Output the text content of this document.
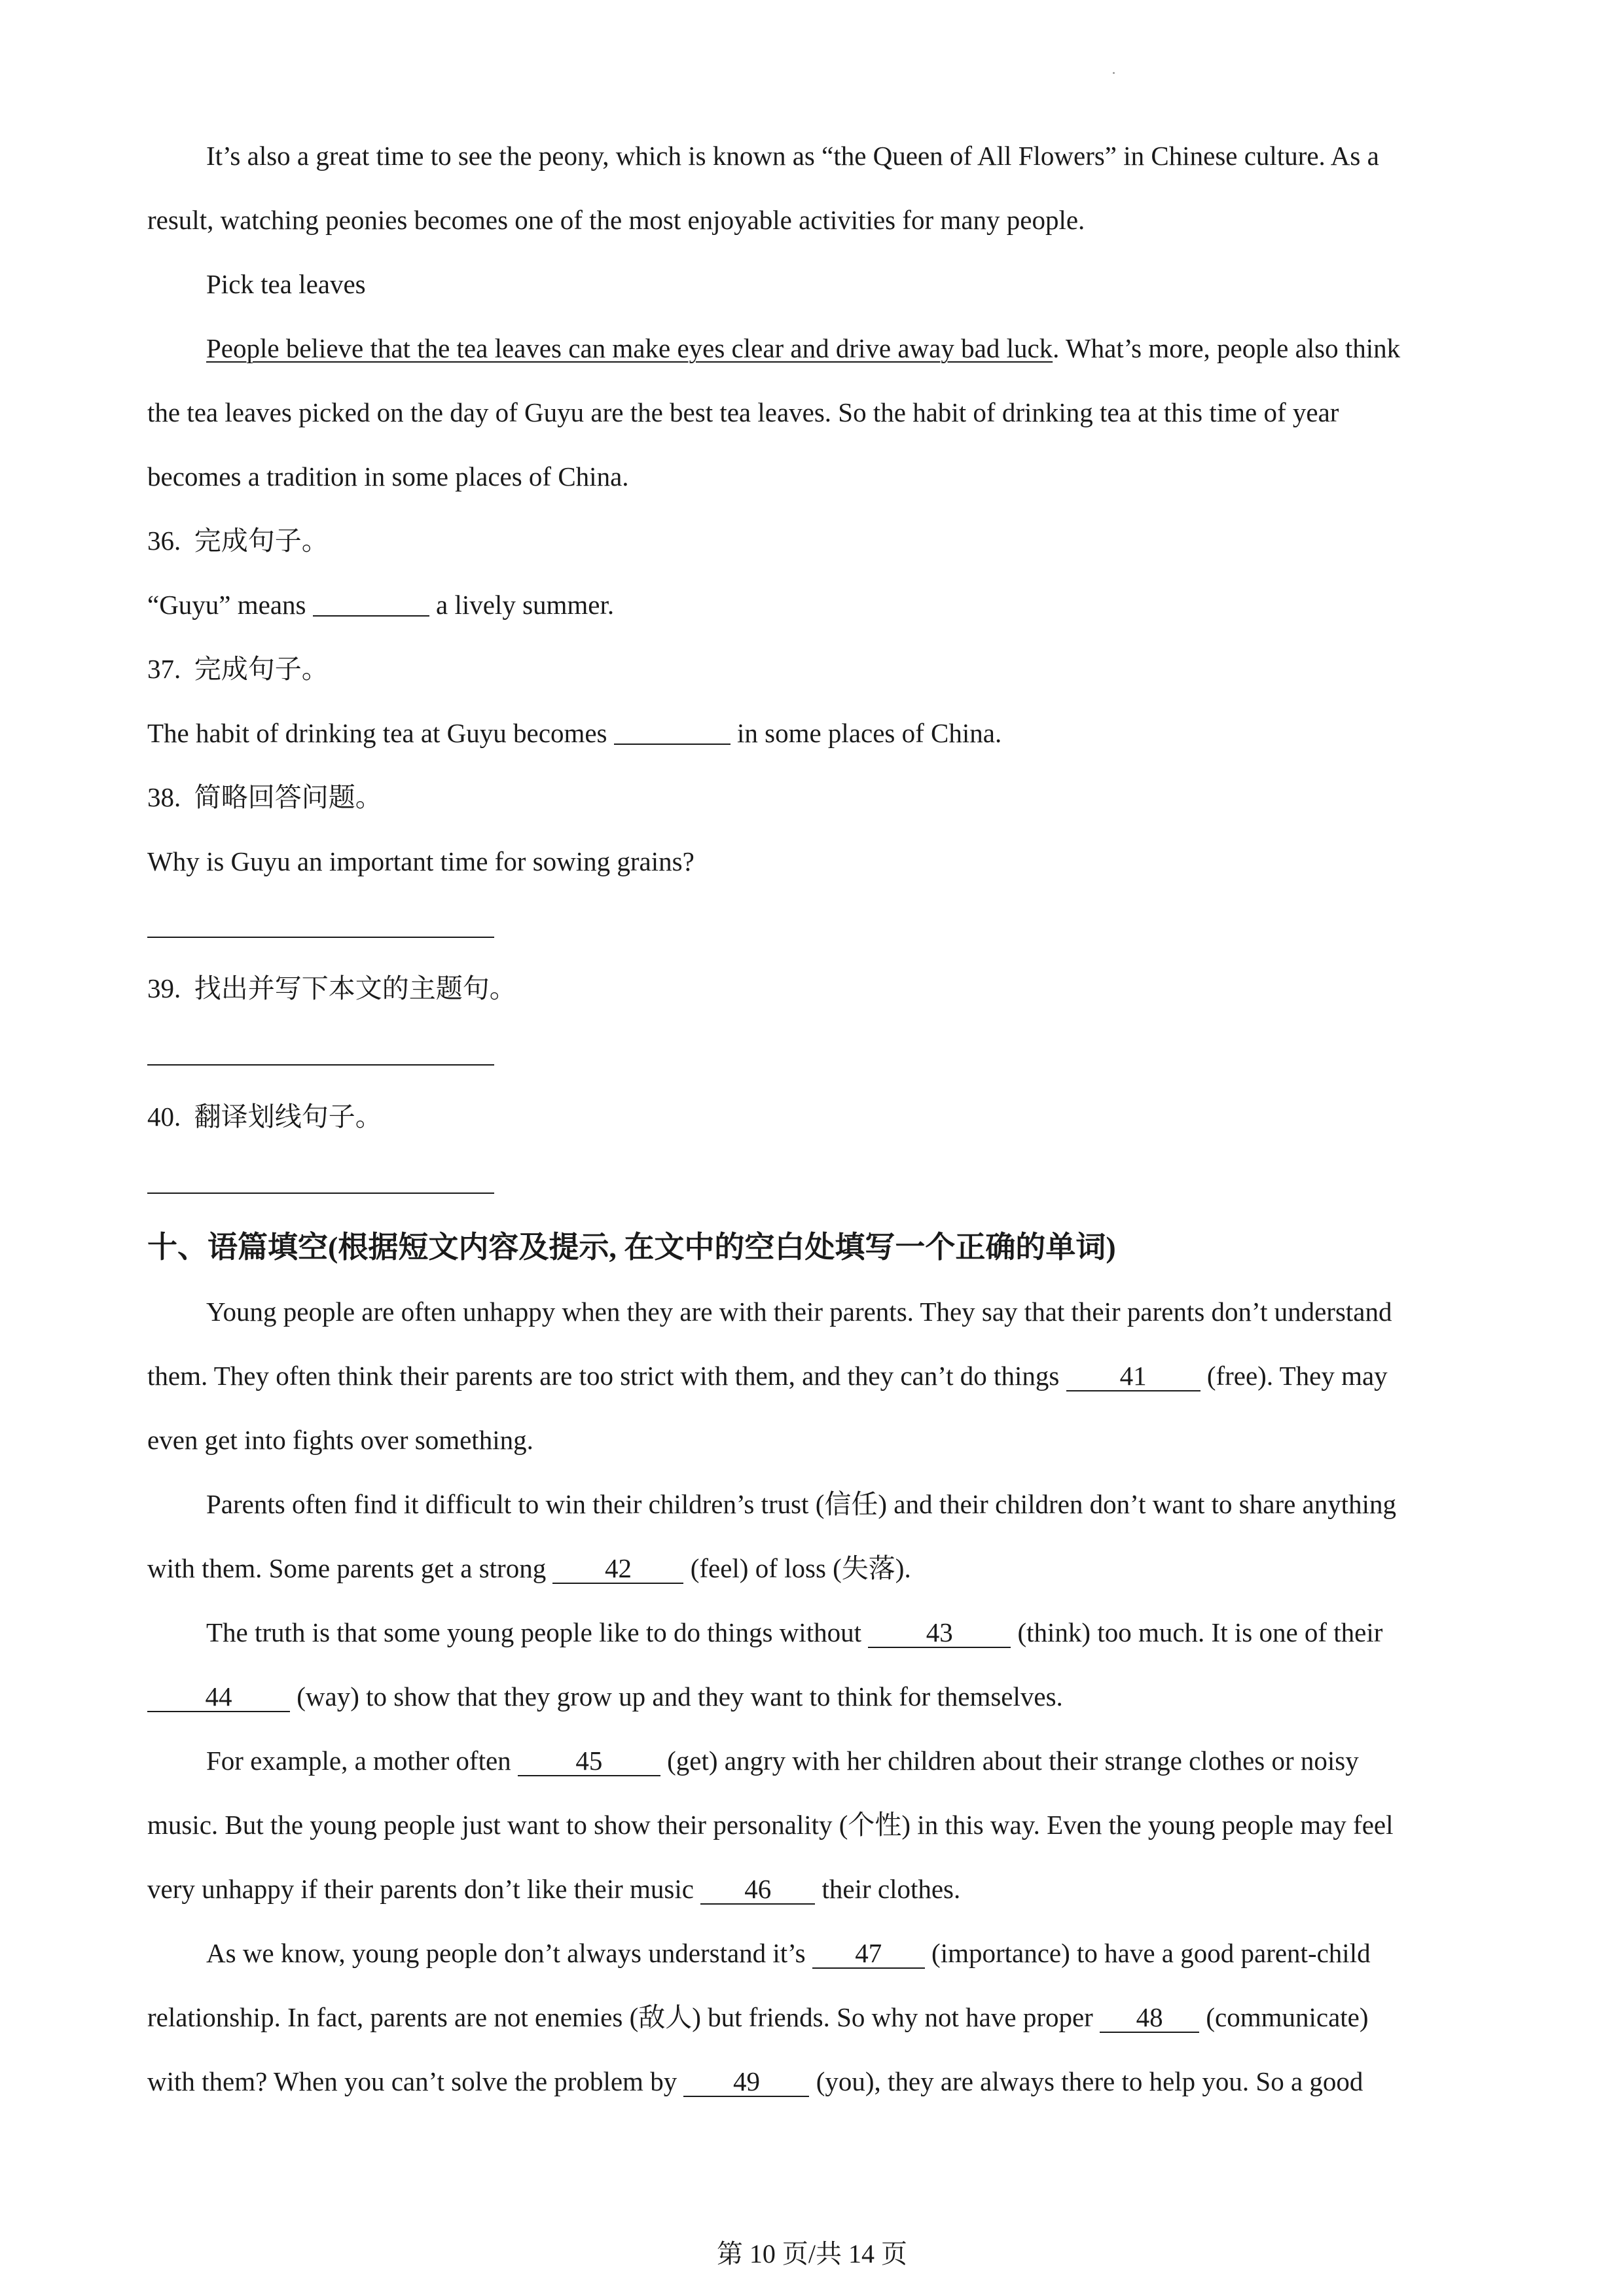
It’s also a great time to see the peony, which is known as “the Queen of All Flowers” in Chinese culture. As a
result, watching peonies becomes one of the most enjoyable activities for many people.
Pick tea leaves
People believe that the tea leaves can make eyes clear and drive away bad luck. What’s more, people also think
the tea leaves picked on the day of Guyu are the best tea leaves. So the habit of drinking tea at this time of year
becomes a tradition in some places of China.
36.  完成句子。
“Guyu” means	a lively summer.
37.  完成句子。
The habit of drinking tea at Guyu becomes	in some places of China.
38.  简略回答问题。
Why is Guyu an important time for sowing grains?
39.  找出并写下本文的主题句。
40.  翻译划线句子。
十、语篇填空(根据短文内容及提示, 在文中的空白处填写一个正确的单词)
Young people are often unhappy when they are with their parents. They say that their parents don’t understand
them. They often think their parents are too strict with them, and they can’t do things 41 (free). They may
even get into fights over something.
Parents often find it difficult to win their children’s trust (信任) and their children don’t want to share anything
with them. Some parents get a strong 42 (feel) of loss (失落).
The truth is that some young people like to do things without 43 (think) too much. It is one of their
44 (way) to show that they grow up and they want to think for themselves.
For example, a mother often 45 (get) angry with her children about their strange clothes or noisy
music. But the young people just want to show their personality (个性) in this way. Even the young people may feel
very unhappy if their parents don’t like their music 46 their clothes.
As we know, young people don’t always understand it’s 47 (importance) to have a good parent-child
relationship. In fact, parents are not enemies (敌人) but friends. So why not have proper 48 (communicate)
with them? When you can’t solve the problem by 49 (you), they are always there to help you. So a good
第 10 页/共 14 页
